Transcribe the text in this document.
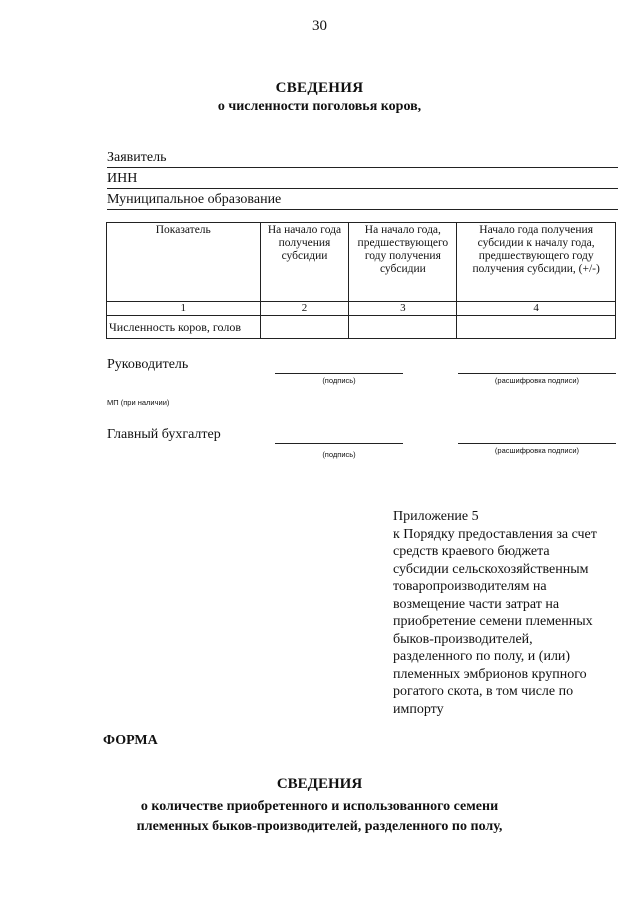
30
СВЕДЕНИЯ
о численности поголовья коров,
Заявитель
ИНН
Муниципальное образование
Показатель	На начало года получения субсидии	На начало года, предшествующего году получения субсидии	Начало года получения субсидии к началу года, предшествующего году получения субсидии, (+/-)
1	2	3	4
Численность коров, голов			
Руководитель
(подпись)	(расшифровка подписи)
МП (при наличии)
Главный бухгалтер
(подпись)	(расшифровка подписи)
Приложение 5
к Порядку предоставления за счет
средств краевого бюджета
субсидии сельскохозяйственным
товаропроизводителям на
возмещение части затрат на
приобретение семени племенных
быков-производителей,
разделенного по полу, и (или)
племенных эмбрионов крупного
рогатого скота, в том числе по
импорту
ФОРМА
СВЕДЕНИЯ
о количестве приобретенного и использованного семени
племенных быков-производителей, разделенного по полу,
